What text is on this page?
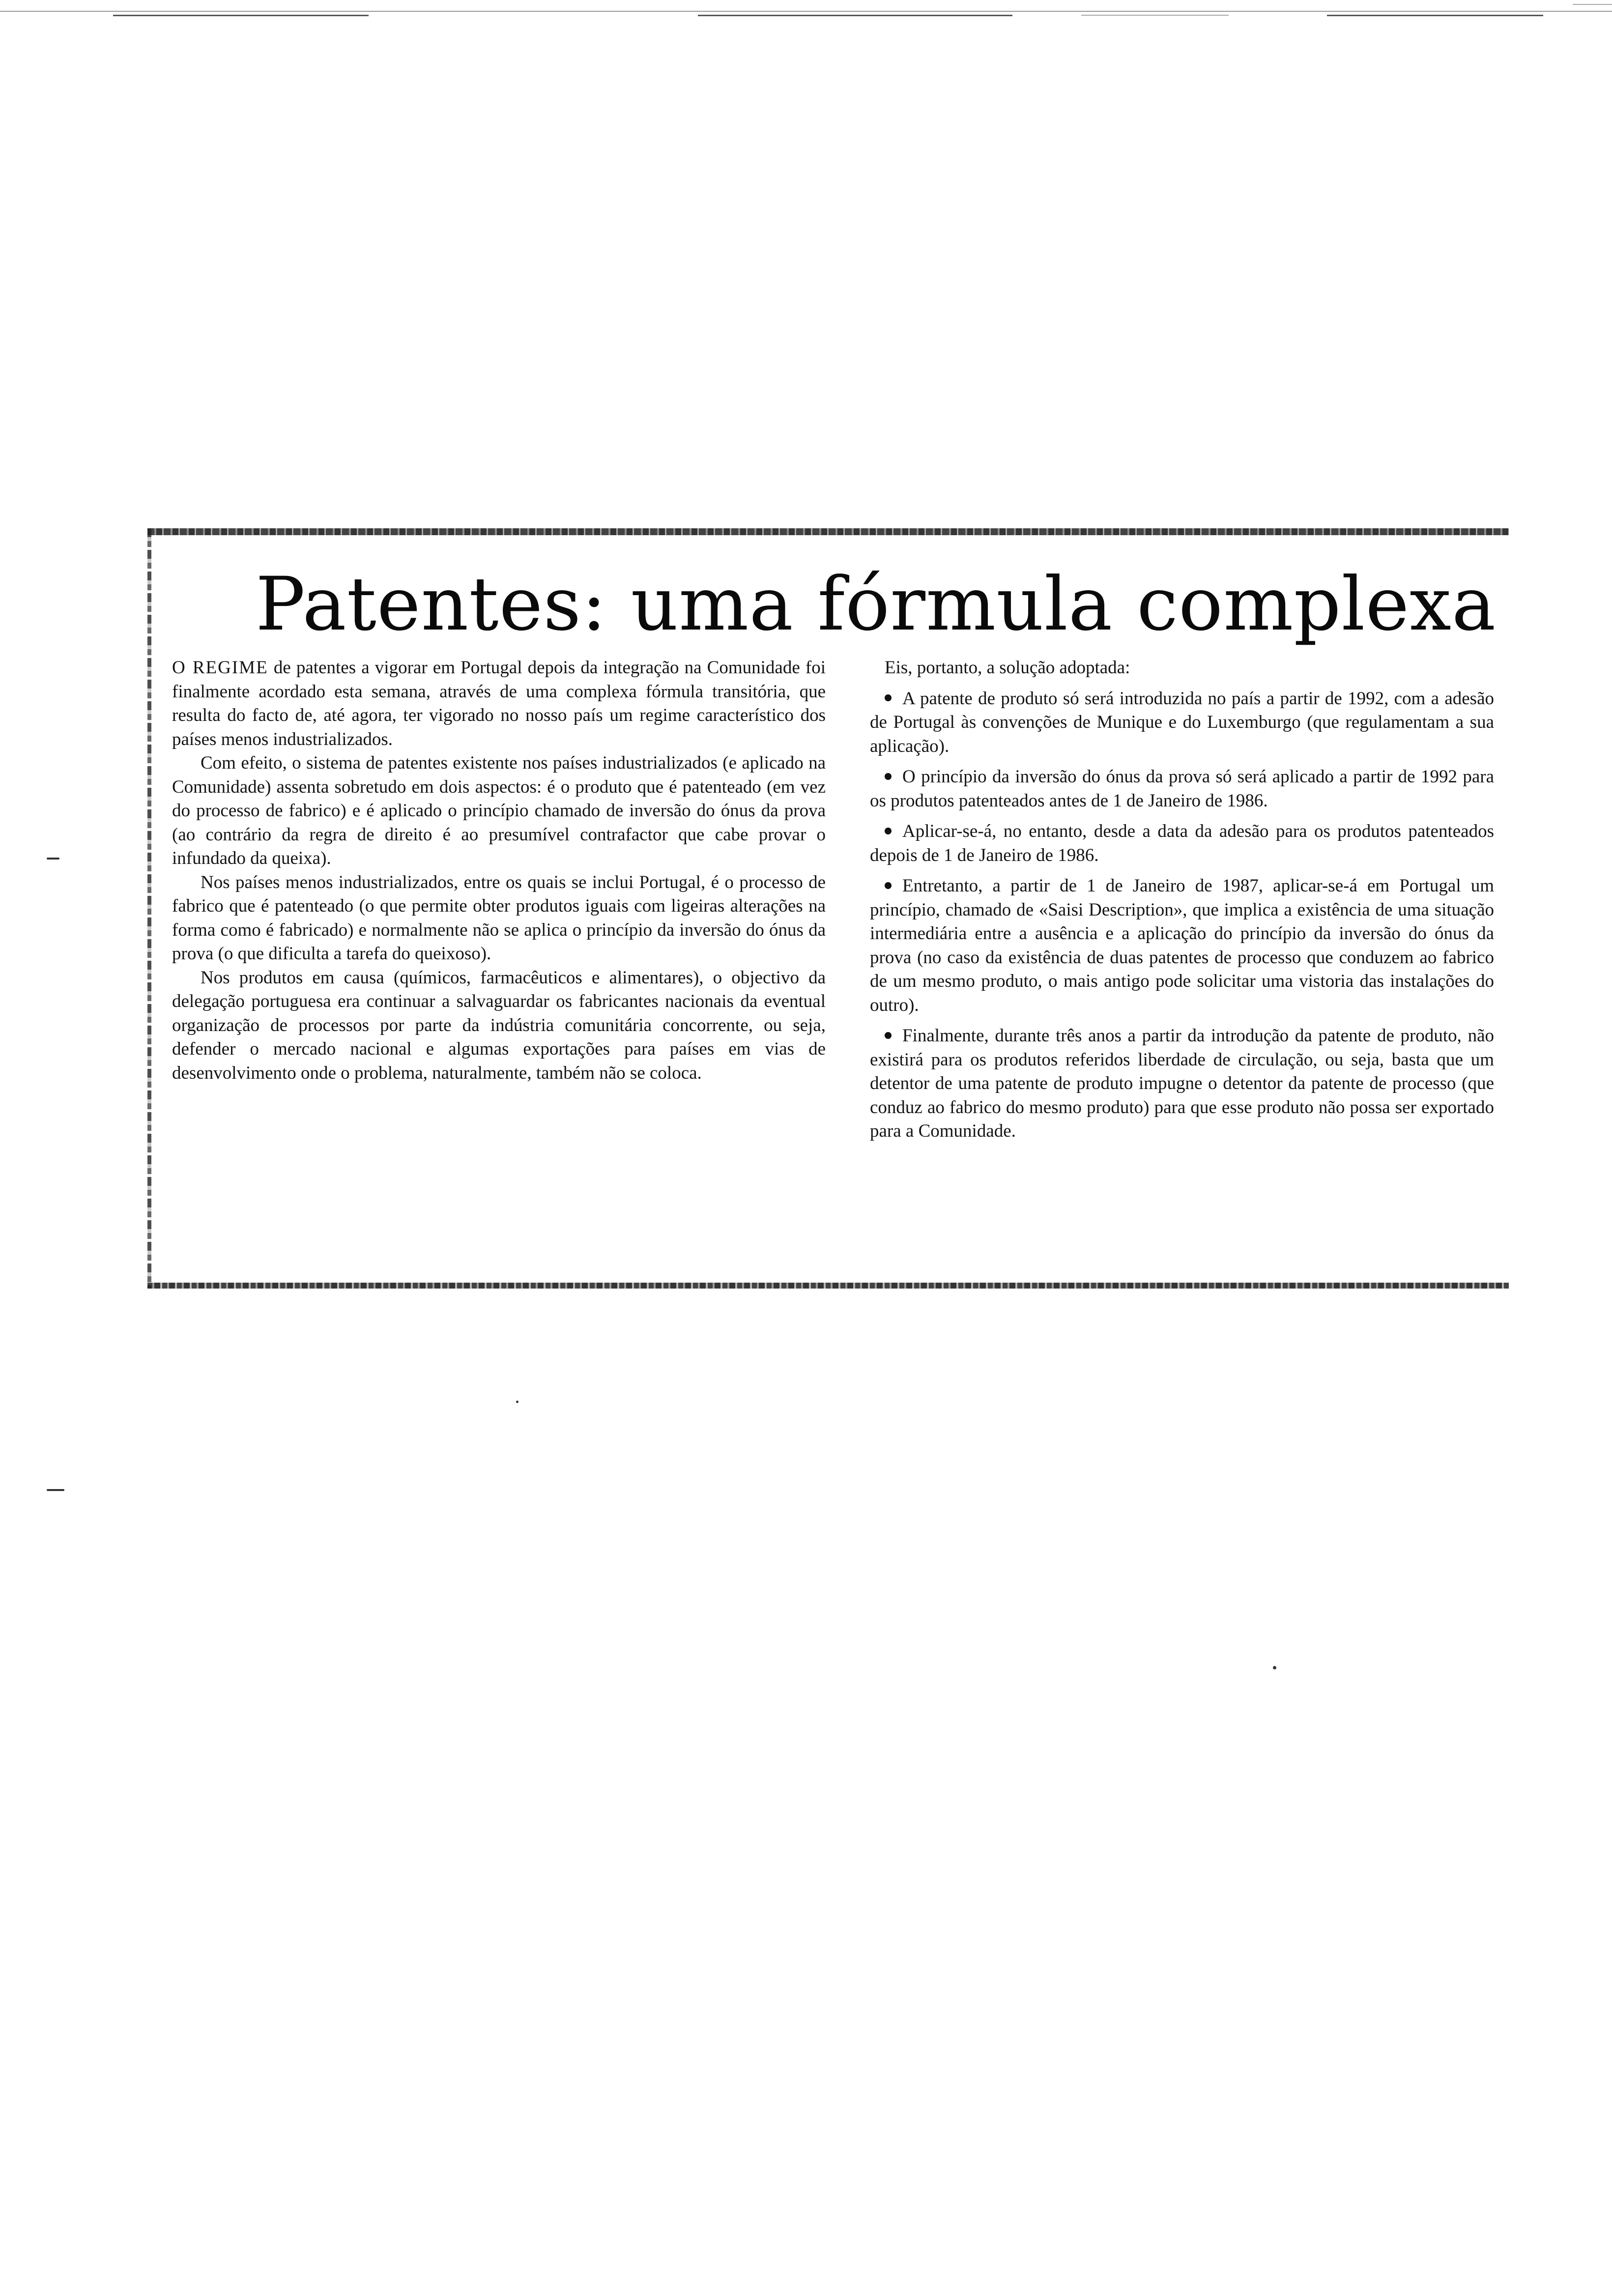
Patentes: uma fórmula complexa

O REGIME de patentes a vigorar em Portugal depois da integração na Comunidade foi finalmente acordado esta semana, através de uma complexa fórmula transitória, que resulta do facto de, até agora, ter vigorado no nosso país um regime característico dos países menos industrializados.

Com efeito, o sistema de patentes existente nos países industrializados (e aplicado na Comunidade) assenta sobretudo em dois aspectos: é o produto que é patenteado (em vez do processo de fabrico) e é aplicado o princípio chamado de inversão do ónus da prova (ao contrário da regra de direito é ao presumível contrafactor que cabe provar o infundado da queixa).

Nos países menos industrializados, entre os quais se inclui Portugal, é o processo de fabrico que é patenteado (o que permite obter produtos iguais com ligeiras alterações na forma como é fabricado) e normalmente não se aplica o princípio da inversão do ónus da prova (o que dificulta a tarefa do queixoso).

Nos produtos em causa (químicos, farmacêuticos e alimentares), o objectivo da delegação portuguesa era continuar a salvaguardar os fabricantes nacionais da eventual organização de processos por parte da indústria comunitária concorrente, ou seja, defender o mercado nacional e algumas exportações para países em vias de desenvolvimento onde o problema, naturalmente, também não se coloca.

Eis, portanto, a solução adoptada:

A patente de produto só será introduzida no país a partir de 1992, com a adesão de Portugal às convenções de Munique e do Luxemburgo (que regulamentam a sua aplicação).

O princípio da inversão do ónus da prova só será aplicado a partir de 1992 para os produtos patenteados antes de 1 de Janeiro de 1986.

Aplicar-se-á, no entanto, desde a data da adesão para os produtos patenteados depois de 1 de Janeiro de 1986.

Entretanto, a partir de 1 de Janeiro de 1987, aplicar-se-á em Portugal um princípio, chamado de «Saisi Description», que implica a existência de uma situação intermediária entre a ausência e a aplicação do princípio da inversão do ónus da prova (no caso da existência de duas patentes de processo que conduzem ao fabrico de um mesmo produto, o mais antigo pode solicitar uma vistoria das instalações do outro).

Finalmente, durante três anos a partir da introdução da patente de produto, não existirá para os produtos referidos liberdade de circulação, ou seja, basta que um detentor de uma patente de produto impugne o detentor da patente de processo (que conduz ao fabrico do mesmo produto) para que esse produto não possa ser exportado para a Comunidade.
